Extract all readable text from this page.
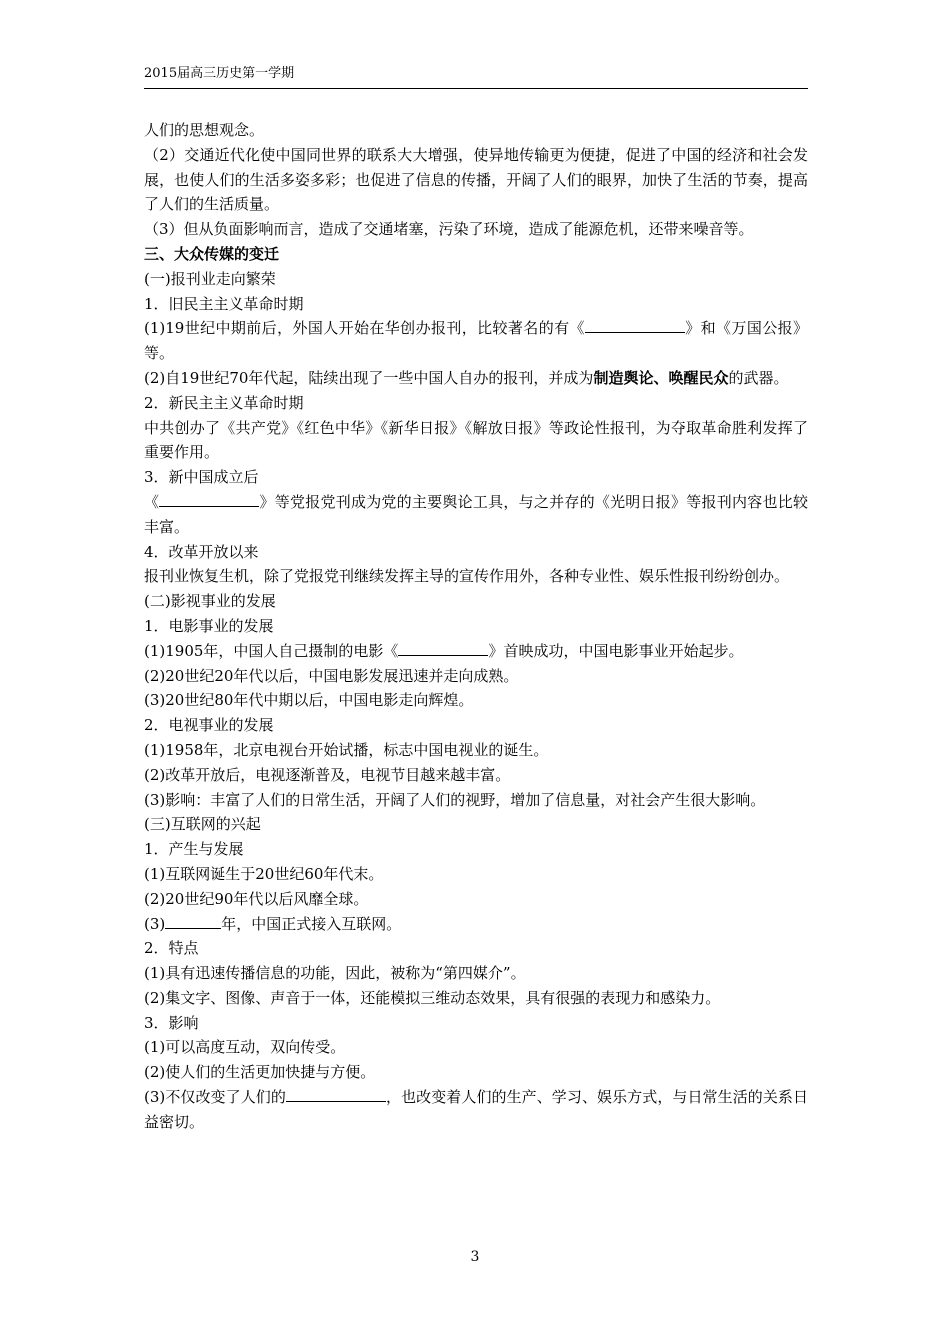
2015届高三历史第一学期

人们的思想观念。

（2）交通近代化使中国同世界的联系大大增强，使异地传输更为便捷，促进了中国的经济和社会发展，也使人们的生活多姿多彩；也促进了信息的传播，开阔了人们的眼界，加快了生活的节奏，提高了人们的生活质量。

（3）但从负面影响而言，造成了交通堵塞，污染了环境，造成了能源危机，还带来噪音等。

三、大众传媒的变迁

(一)报刊业走向繁荣

1．旧民主主义革命时期

(1)19世纪中期前后，外国人开始在华创办报刊，比较著名的有《	》和《万国公报》等。

(2)自19世纪70年代起，陆续出现了一些中国人自办的报刊，并成为制造舆论、唤醒民众的武器。

2．新民主主义革命时期

中共创办了《共产党》《红色中华》《新华日报》《解放日报》等政论性报刊，为夺取革命胜利发挥了重要作用。

3．新中国成立后

《	》等党报党刊成为党的主要舆论工具，与之并存的《光明日报》等报刊内容也比较丰富。

4．改革开放以来

报刊业恢复生机，除了党报党刊继续发挥主导的宣传作用外，各种专业性、娱乐性报刊纷纷创办。

(二)影视事业的发展

1．电影事业的发展

(1)1905年，中国人自己摄制的电影《	》首映成功，中国电影事业开始起步。

(2)20世纪20年代以后，中国电影发展迅速并走向成熟。

(3)20世纪80年代中期以后，中国电影走向辉煌。

2．电视事业的发展

(1)1958年，北京电视台开始试播，标志中国电视业的诞生。

(2)改革开放后，电视逐渐普及，电视节目越来越丰富。

(3)影响：丰富了人们的日常生活，开阔了人们的视野，增加了信息量，对社会产生很大影响。

(三)互联网的兴起

1．产生与发展

(1)互联网诞生于20世纪60年代末。

(2)20世纪90年代以后风靡全球。

(3)	年，中国正式接入互联网。

2．特点

(1)具有迅速传播信息的功能，因此，被称为“第四媒介”。

(2)集文字、图像、声音于一体，还能模拟三维动态效果，具有很强的表现力和感染力。

3．影响

(1)可以高度互动，双向传受。

(2)使人们的生活更加快捷与方便。

(3)不仅改变了人们的	，也改变着人们的生产、学习、娱乐方式，与日常生活的关系日益密切。

3
